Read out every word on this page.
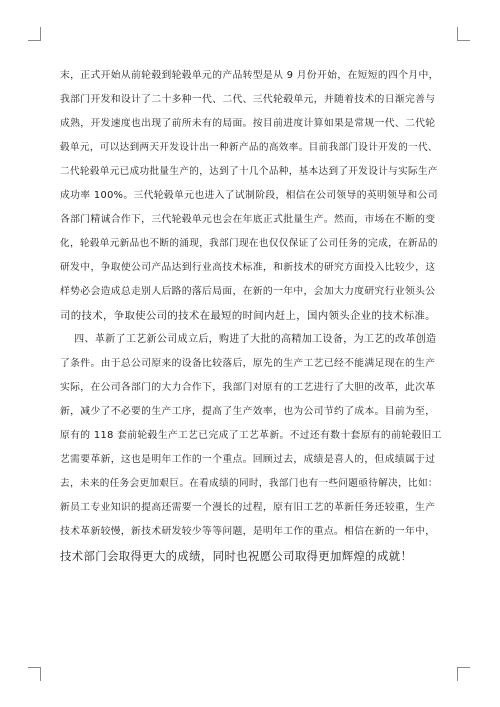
末，正式开始从前轮毂到轮毂单元的产品转型是从 9 月份开始，在短短的四个月中，
我部门开发和设计了二十多种一代、二代、三代轮毂单元，并随着技术的日渐完善与
成熟，开发速度也出现了前所未有的局面。按目前进度计算如果是常规一代、二代轮
毂单元，可以达到两天开发设计出一种新产品的高效率。目前我部门设计开发的一代、
二代轮毂单元已成功批量生产的，达到了十几个品种，基本达到了开发设计与实际生产
成功率 100%。三代轮毂单元也进入了试制阶段，相信在公司领导的英明领导和公司
各部门精诚合作下，三代轮毂单元也会在年底正式批量生产。然而，市场在不断的变
化，轮毂单元新品也不断的涌现，我部门现在也仅仅保证了公司任务的完成，在新品的
研发中，争取使公司产品达到行业高技术标准，和新技术的研究方面投入比较少，这
样势必会造成总走别人后路的落后局面，在新的一年中，会加大力度研究行业领头公
司的技术，争取使公司的技术在最短的时间内赶上，国内领头企业的技术标准。
四、革新了工艺新公司成立后，购进了大批的高精加工设备，为工艺的改革创造
了条件。由于总公司原来的设备比较落后，原先的生产工艺已经不能满足现在的生产
实际，在公司各部门的大力合作下，我部门对原有的工艺进行了大胆的改革，此次革
新，减少了不必要的生产工序，提高了生产效率，也为公司节约了成本。目前为至，
原有的 118 套前轮毂生产工艺已完成了工艺革新。不过还有数十套原有的前轮毂旧工
艺需要革新，这也是明年工作的一个重点。回顾过去，成绩是喜人的，但成绩属于过
去，未来的任务会更加艰巨。在看成绩的同时，我部门也有一些问题亟待解决，比如：
新员工专业知识的提高还需要一个漫长的过程，原有旧工艺的革新任务还较重，生产
技术革新较慢，新技术研发较少等等问题，是明年工作的重点。相信在新的一年中，
技术部门会取得更大的成绩，同时也祝愿公司取得更加辉煌的成就！
